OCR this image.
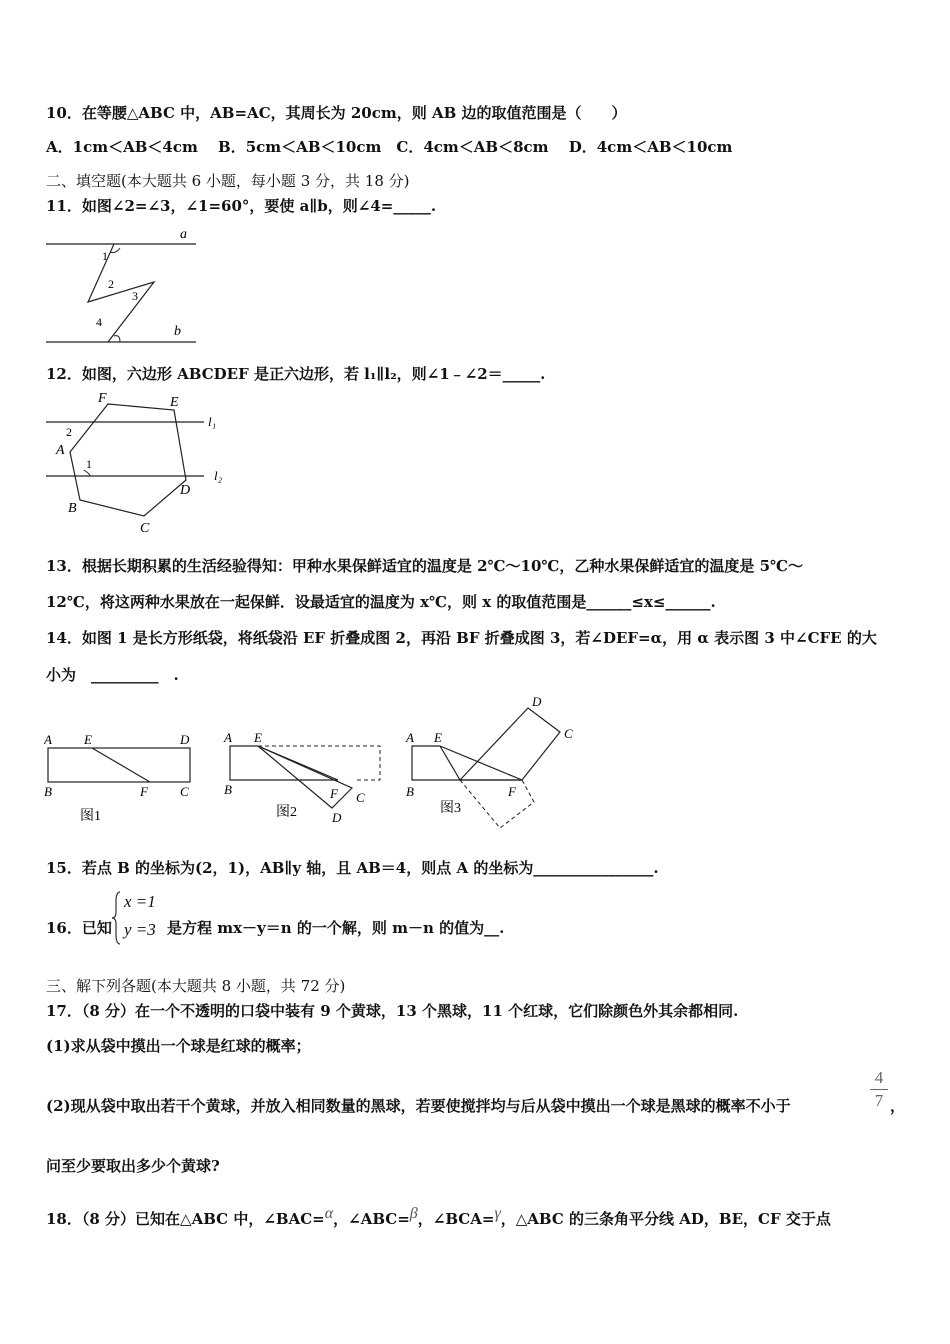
10．在等腰△ABC 中，AB=AC，其周长为 20cm，则 AB 边的取值范围是（　　）
A．1cm＜AB＜4cm　 B．5cm＜AB＜10cm　C．4cm＜AB＜8cm　 D．4cm＜AB＜10cm
二、填空题(本大题共 6 小题，每小题 3 分，共 18 分)
11．如图∠2=∠3，∠1=60°，要使 a∥b，则∠4=_____.
a
b
1
2
3
4
12．如图，六边形 ABCDEF 是正六边形，若 l₁∥l₂，则∠1﹣∠2＝_____.
F	E
A
B
C
D
l₁
l₂
1
2
13．根据长期积累的生活经验得知：甲种水果保鲜适宜的温度是 2℃～10℃，乙种水果保鲜适宜的温度是 5℃～
12℃，将这两种水果放在一起保鲜．设最适宜的温度为 x℃，则 x 的取值范围是______≤x≤______.
14．如图 1 是长方形纸袋，将纸袋沿 EF 折叠成图 2，再沿 BF 折叠成图 3，若∠DEF=α，用 α 表示图 3 中∠CFE 的大
小为　_________　.
A E	D
B	F C
图1
A E
B	F C
D
图2
A E
B	F
C
D
图3
15．若点 B 的坐标为(2，1)，AB∥y 轴，且 AB＝4，则点 A 的坐标为________________.
16．已知
x =1
y =3 是方程 mx－y＝n 的一个解，则 m－n 的值为__.
三、解下列各题(本大题共 8 小题，共 72 分)
17．（8 分）在一个不透明的口袋中装有 9 个黄球，13 个黑球，11 个红球，它们除颜色外其余都相同.
(1)求从袋中摸出一个球是红球的概率；
(2)现从袋中取出若干个黄球，并放入相同数量的黑球，若要使搅拌均与后从袋中摸出一个球是黑球的概率不小于
4
7 ，
问至少要取出多少个黄球?
18．（8 分）已知在△ABC 中，∠BAC=$^\alpha$，∠ABC=$^\beta$，∠BCA=$^\gamma$，△ABC 的三条角平分线 AD，BE，CF 交于点
